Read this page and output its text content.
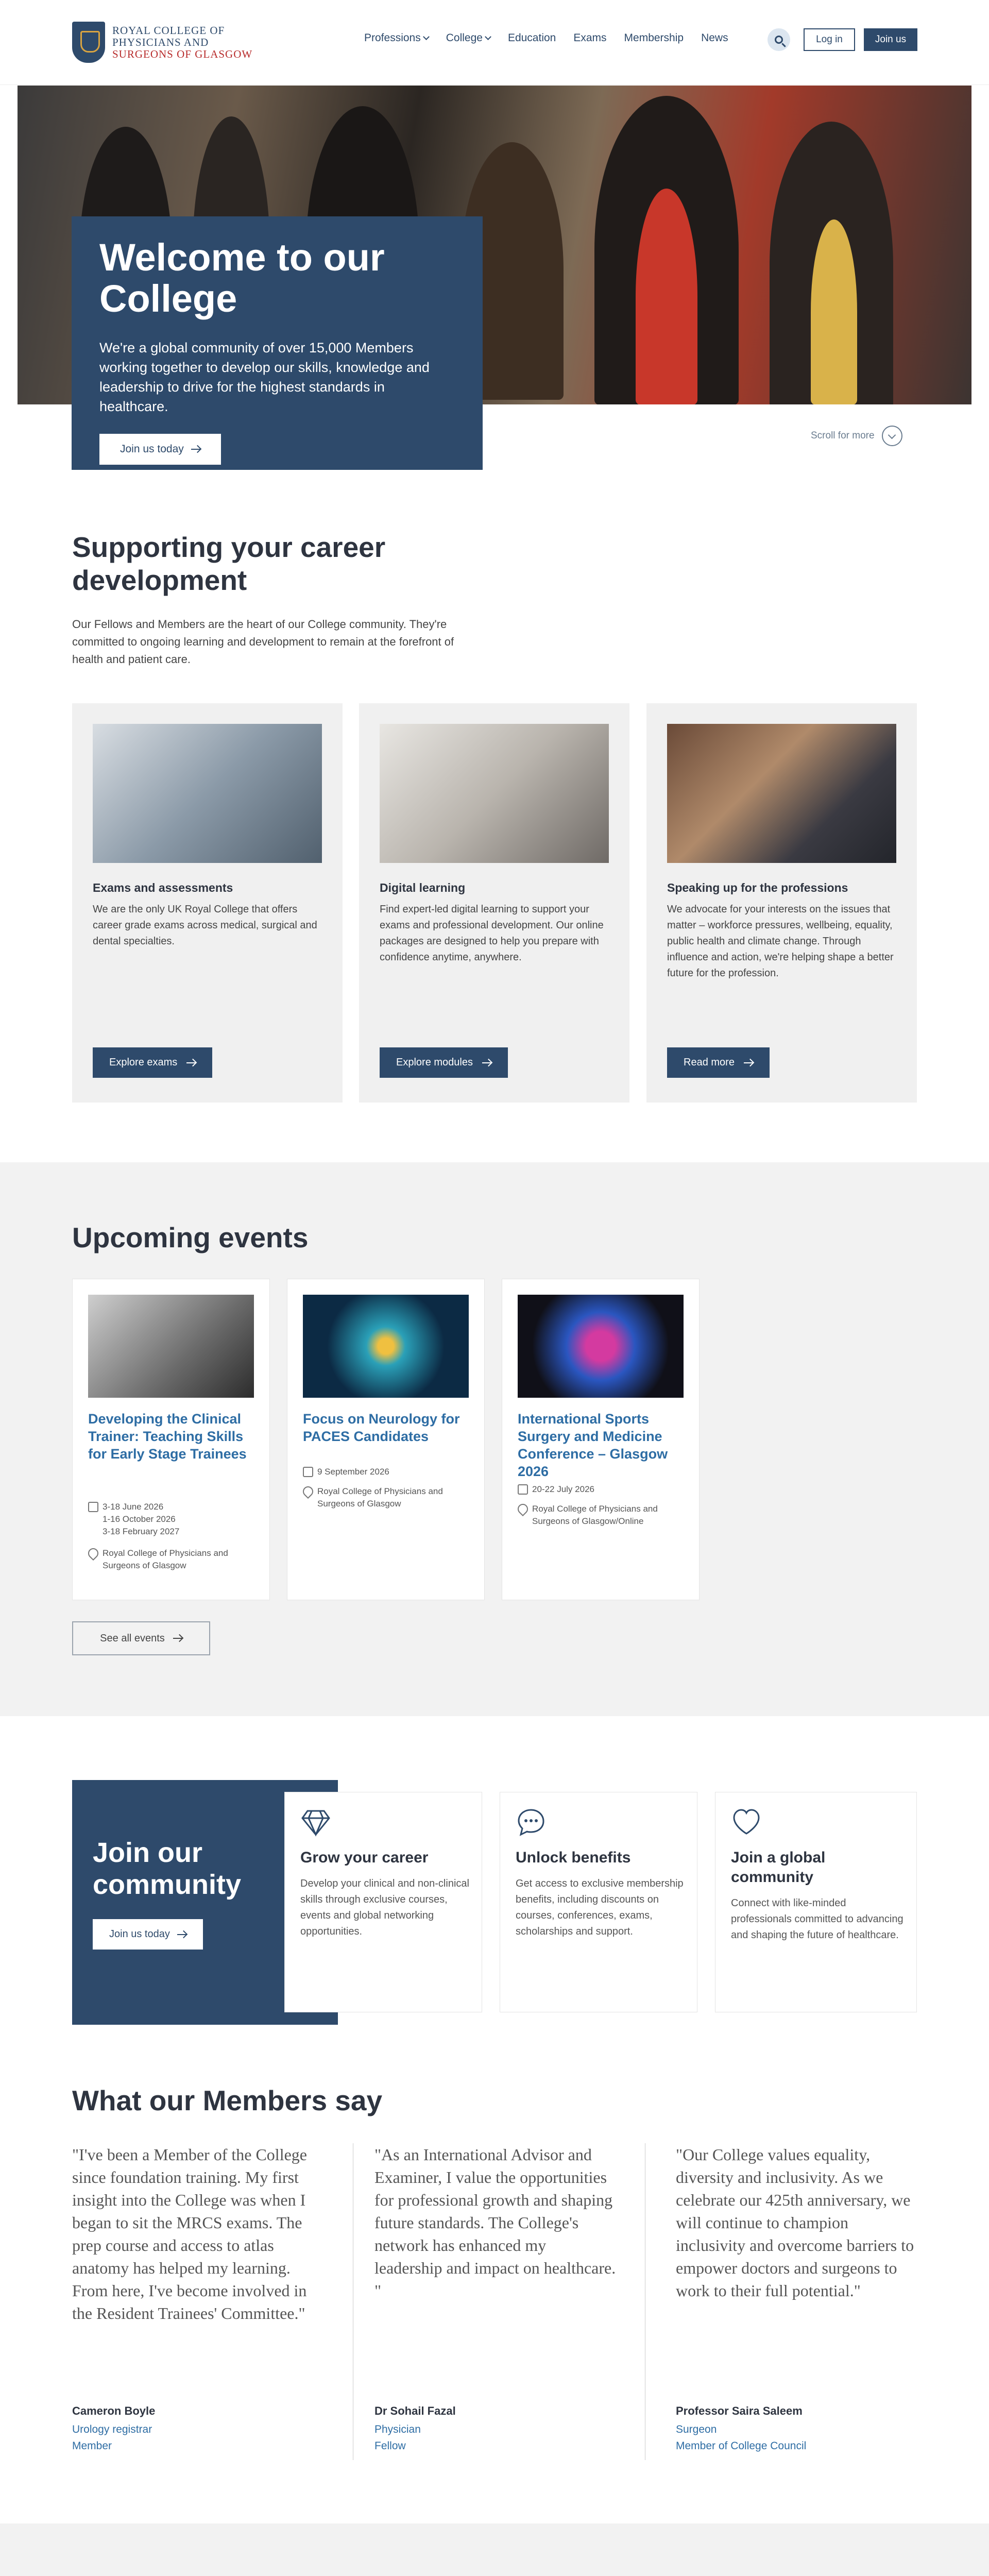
ROYAL COLLEGE OF
PHYSICIANS AND
SURGEONS OF GLASGOW
Professions College Education Exams Membership News	Log in	Join us
Welcome to our College

We're a global community of over 15,000 Members working together to develop our skills, knowledge and leadership to drive for the highest standards in healthcare.

Join us today
Scroll for more
Supporting your career development

Our Fellows and Members are the heart of our College community. They're committed to ongoing learning and development to remain at the forefront of health and patient care.

Exams and assessments

We are the only UK Royal College that offers career grade exams across medical, surgical and dental specialties.

Explore exams
Digital learning

Find expert-led digital learning to support your exams and professional development. Our online packages are designed to help you prepare with confidence anytime, anywhere.

Explore modules
Speaking up for the professions

We advocate for your interests on the issues that matter – workforce pressures, wellbeing, equality, public health and climate change. Through influence and action, we're helping shape a better future for the profession.

Read more
Upcoming events
Developing the Clinical Trainer: Teaching Skills for Early Stage Trainees
3-18 June 2026
1-16 October 2026
3-18 February 2027
Royal College of Physicians and Surgeons of Glasgow
Focus on Neurology for PACES Candidates
9 September 2026
Royal College of Physicians and Surgeons of Glasgow
International Sports Surgery and Medicine Conference – Glasgow 2026
20-22 July 2026
Royal College of Physicians and Surgeons of Glasgow/Online
See all events
Join our community
Join us today
Grow your career

Develop your clinical and non-clinical skills through exclusive courses, events and global networking opportunities.

Unlock benefits

Get access to exclusive membership benefits, including discounts on courses, conferences, exams, scholarships and support.

Join a global community

Connect with like-minded professionals committed to advancing and shaping the future of healthcare.

What our Members say

"I've been a Member of the College since foundation training. My first insight into the College was when I began to sit the MRCS exams. The prep course and access to atlas anatomy has helped my learning. From here, I've become involved in the Resident Trainees' Committee."

Cameron Boyle
Urology registrar
Member

"As an International Advisor and Examiner, I value the opportunities for professional growth and shaping future standards. The College's network has enhanced my leadership and impact on healthcare. "

Dr Sohail Fazal
Physician
Fellow

"Our College values equality, diversity and inclusivity. As we celebrate our 425th anniversary, we will continue to champion inclusivity and overcome barriers to empower doctors and surgeons to work to their full potential."

Professor Saira Saleem
Surgeon
Member of College Council
